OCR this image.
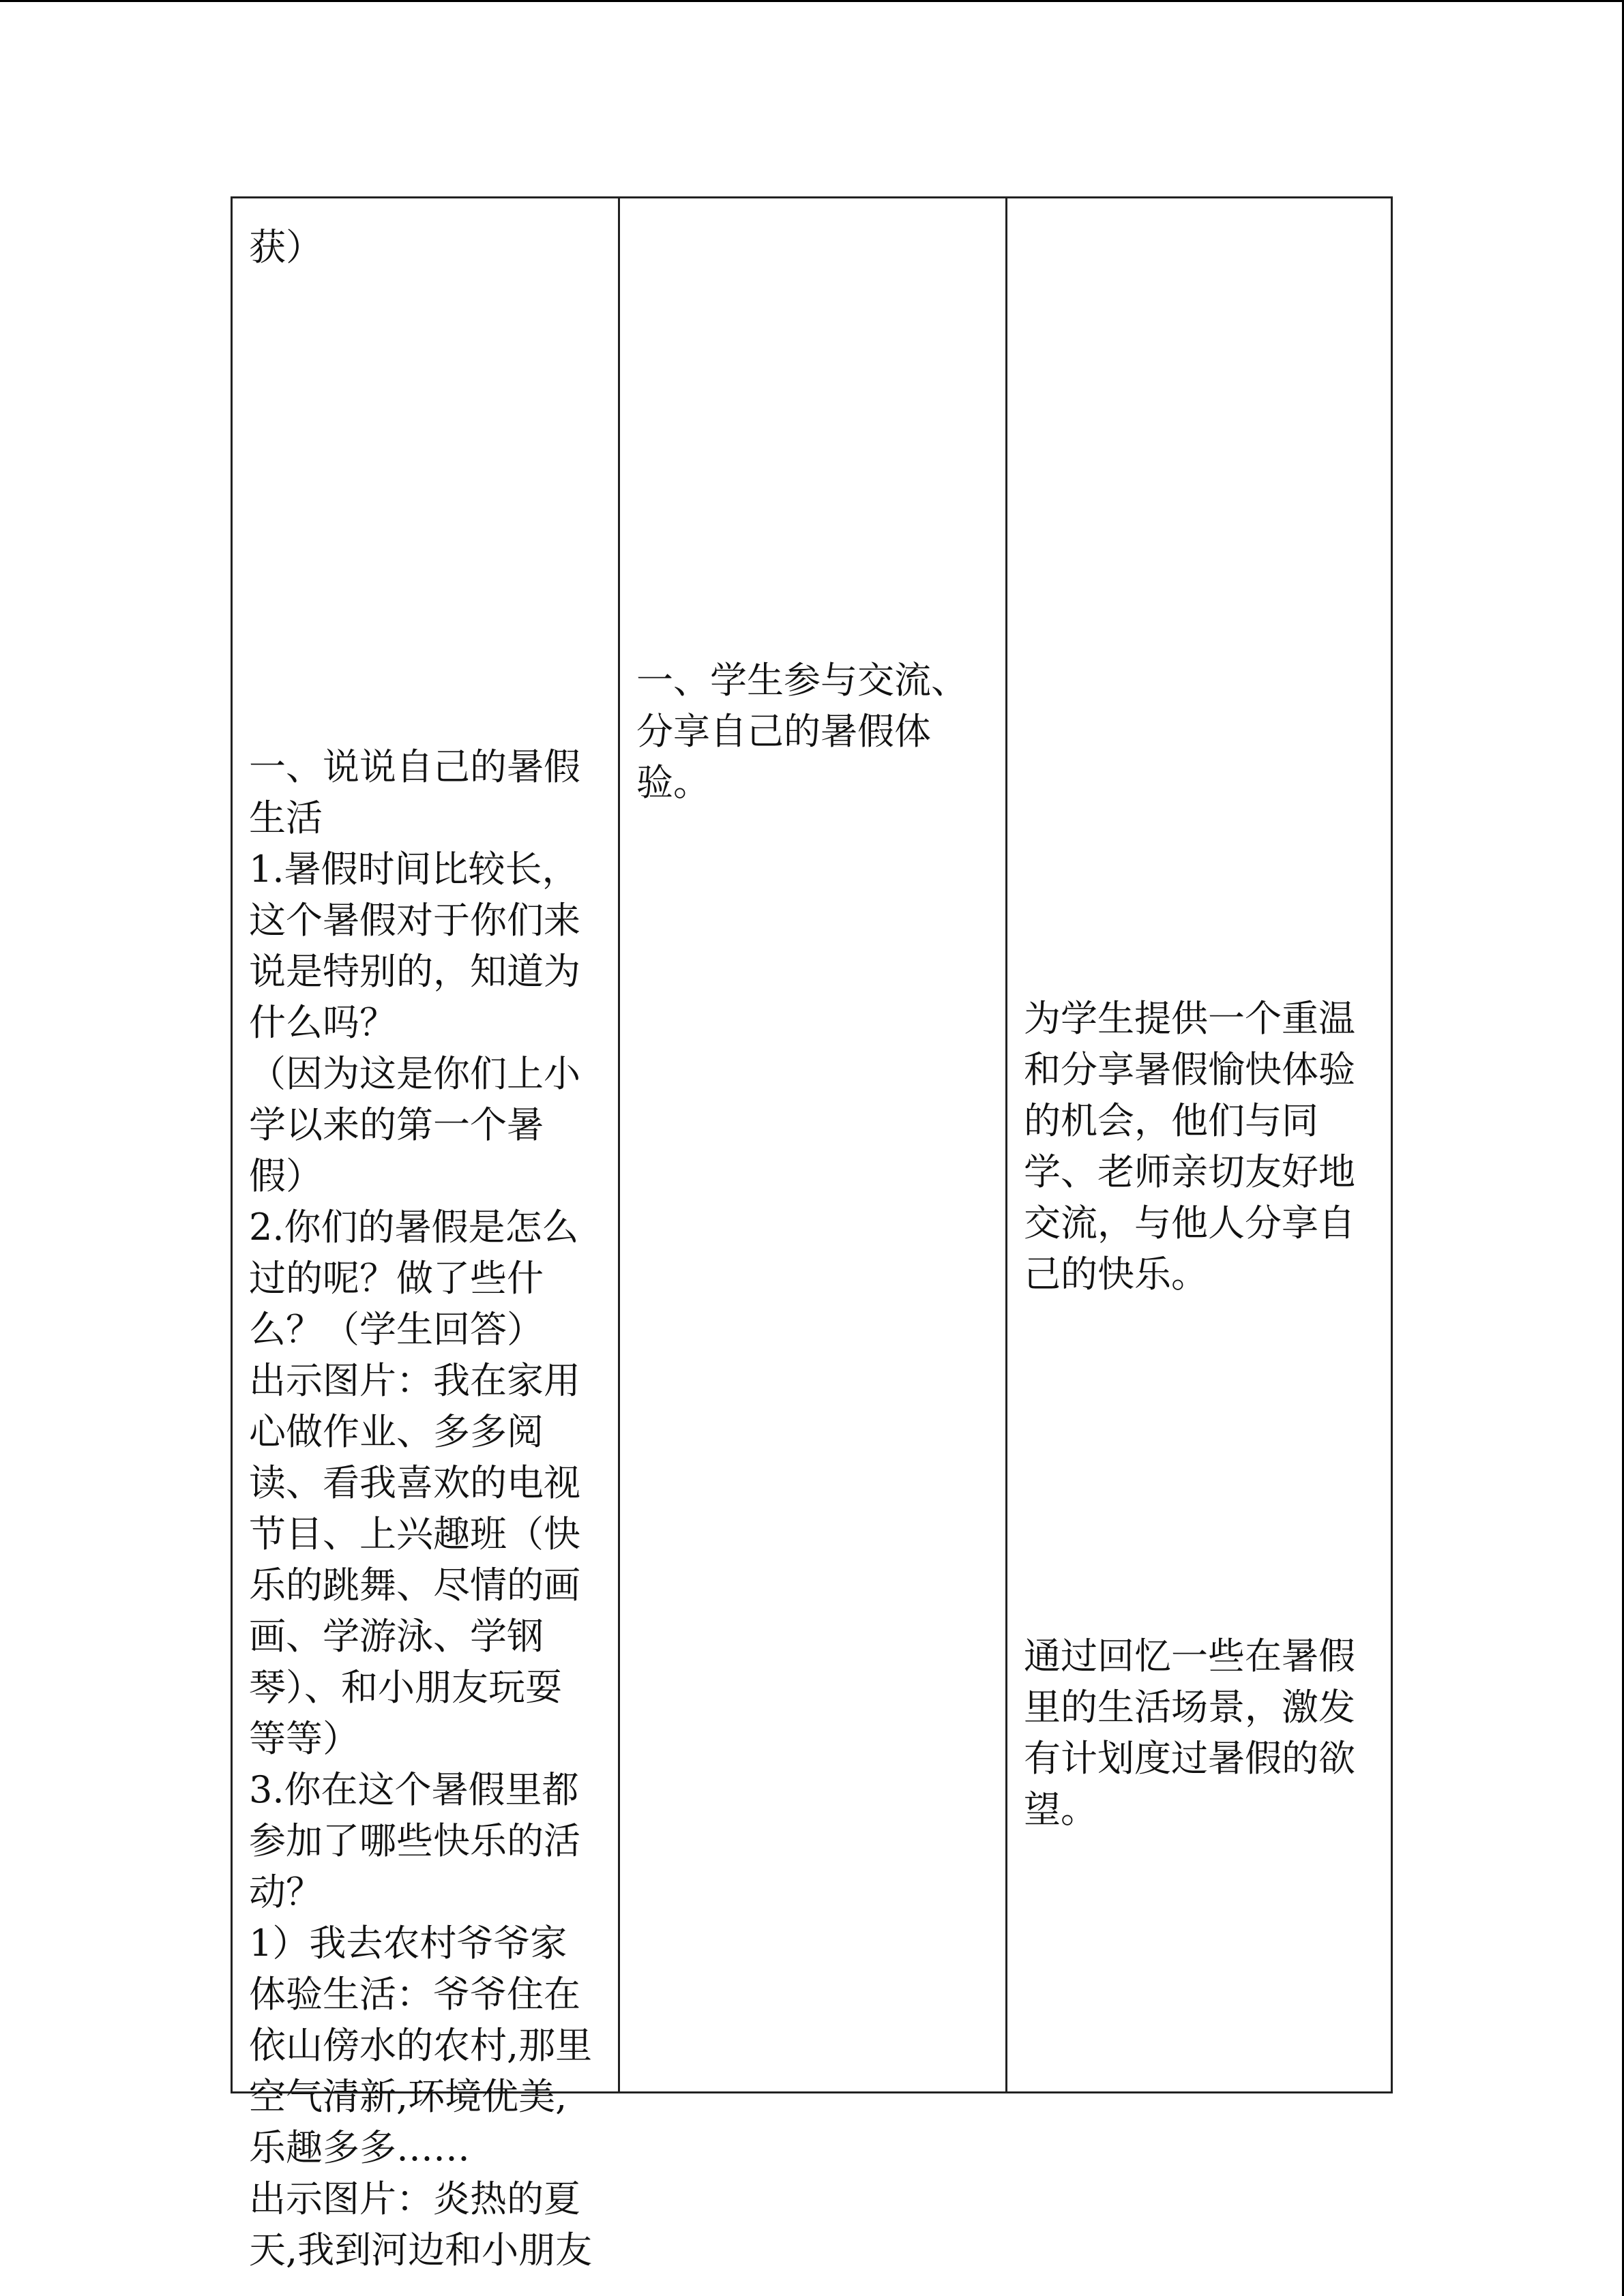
获）

一、说说自己的暑假
生活
1.暑假时间比较长，
这个暑假对于你们来
说是特别的，知道为
什么吗？
（因为这是你们上小
学以来的第一个暑
假）
2.你们的暑假是怎么
过的呢？做了些什
么？（学生回答）
出示图片：我在家用
心做作业、多多阅
读、看我喜欢的电视
节目、上兴趣班（快
乐的跳舞、尽情的画
画、学游泳、学钢
琴）、和小朋友玩耍
等等）
3.你在这个暑假里都
参加了哪些快乐的活
动？
1）我去农村爷爷家
体验生活：爷爷住在
依山傍水的农村,那里
空气清新,环境优美,
乐趣多多……
出示图片：炎热的夏
天,我到河边和小朋友

一、学生参与交流、
分享自己的暑假体
验。

为学生提供一个重温
和分享暑假愉快体验
的机会，他们与同
学、老师亲切友好地
交流，与他人分享自
己的快乐。

通过回忆一些在暑假
里的生活场景，激发
有计划度过暑假的欲
望。
